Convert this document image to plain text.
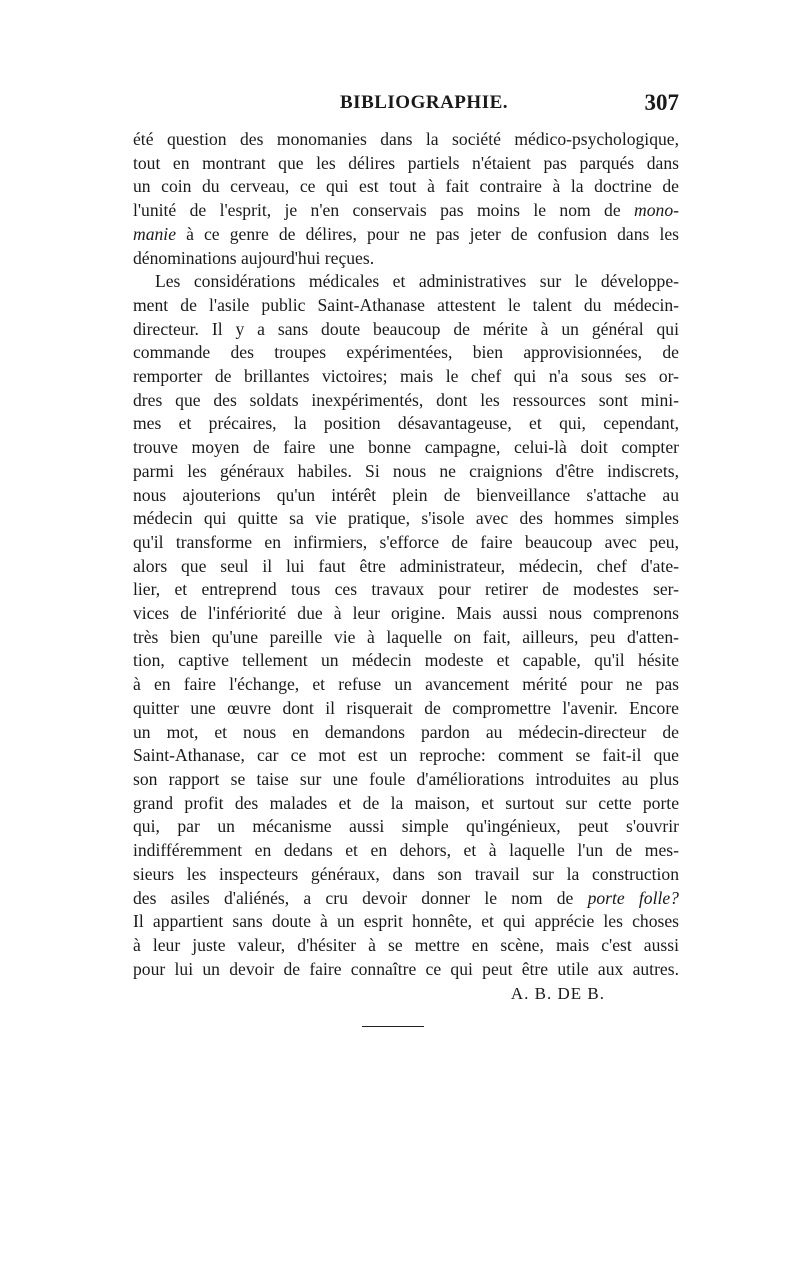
BIBLIOGRAPHIE.	307
été question des monomanies dans la société médico-psychologique,
tout en montrant que les délires partiels n'étaient pas parqués dans
un coin du cerveau, ce qui est tout à fait contraire à la doctrine de
l'unité de l'esprit, je n'en conservais pas moins le nom de mono-
manie à ce genre de délires, pour ne pas jeter de confusion dans les
dénominations aujourd'hui reçues.
Les considérations médicales et administratives sur le développe-
ment de l'asile public Saint-Athanase attestent le talent du médecin-
directeur. Il y a sans doute beaucoup de mérite à un général qui
commande des troupes expérimentées, bien approvisionnées, de
remporter de brillantes victoires; mais le chef qui n'a sous ses or-
dres que des soldats inexpérimentés, dont les ressources sont mini-
mes et précaires, la position désavantageuse, et qui, cependant,
trouve moyen de faire une bonne campagne, celui-là doit compter
parmi les généraux habiles. Si nous ne craignions d'être indiscrets,
nous ajouterions qu'un intérêt plein de bienveillance s'attache au
médecin qui quitte sa vie pratique, s'isole avec des hommes simples
qu'il transforme en infirmiers, s'efforce de faire beaucoup avec peu,
alors que seul il lui faut être administrateur, médecin, chef d'ate-
lier, et entreprend tous ces travaux pour retirer de modestes ser-
vices de l'infériorité due à leur origine. Mais aussi nous comprenons
très bien qu'une pareille vie à laquelle on fait, ailleurs, peu d'atten-
tion, captive tellement un médecin modeste et capable, qu'il hésite
à en faire l'échange, et refuse un avancement mérité pour ne pas
quitter une œuvre dont il risquerait de compromettre l'avenir. Encore
un mot, et nous en demandons pardon au médecin-directeur de
Saint-Athanase, car ce mot est un reproche: comment se fait-il que
son rapport se taise sur une foule d'améliorations introduites au plus
grand profit des malades et de la maison, et surtout sur cette porte
qui, par un mécanisme aussi simple qu'ingénieux, peut s'ouvrir
indifféremment en dedans et en dehors, et à laquelle l'un de mes-
sieurs les inspecteurs généraux, dans son travail sur la construction
des asiles d'aliénés, a cru devoir donner le nom de porte folle?
Il appartient sans doute à un esprit honnête, et qui apprécie les choses
à leur juste valeur, d'hésiter à se mettre en scène, mais c'est aussi
pour lui un devoir de faire connaître ce qui peut être utile aux autres.
A. B. DE B.
